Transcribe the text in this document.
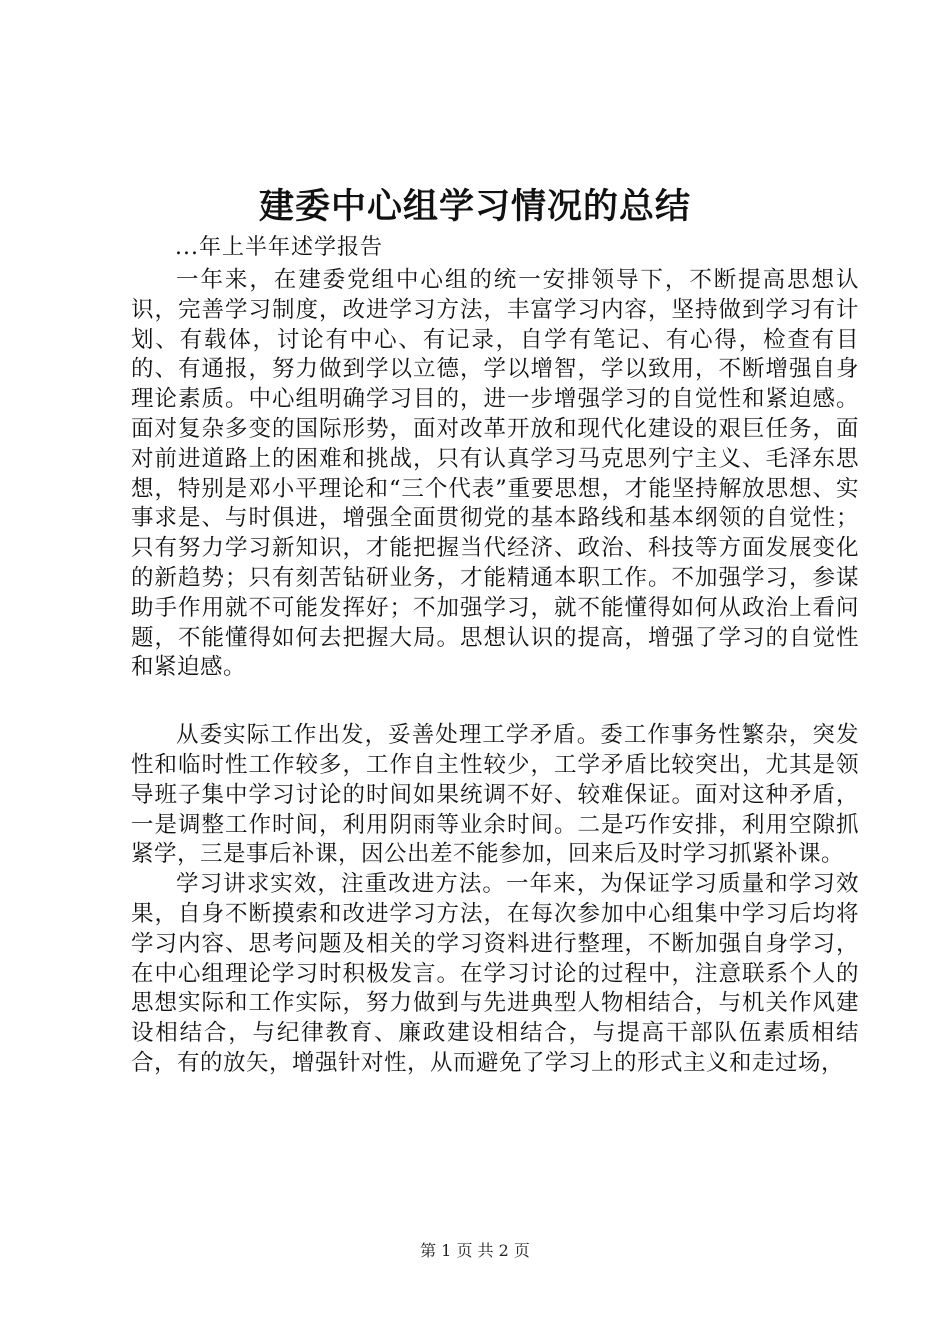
建委中心组学习情况的总结

...年上半年述学报告

一年来，在建委党组中心组的统一安排领导下，不断提高思想认识，完善学习制度，改进学习方法，丰富学习内容，坚持做到学习有计划、有载体，讨论有中心、有记录，自学有笔记、有心得，检查有目的、有通报，努力做到学以立德，学以增智，学以致用，不断增强自身理论素质。中心组明确学习目的，进一步增强学习的自觉性和紧迫感。面对复杂多变的国际形势，面对改革开放和现代化建设的艰巨任务，面对前进道路上的困难和挑战，只有认真学习马克思列宁主义、毛泽东思想，特别是邓小平理论和“三个代表”重要思想，才能坚持解放思想、实事求是、与时俱进，增强全面贯彻党的基本路线和基本纲领的自觉性；只有努力学习新知识，才能把握当代经济、政治、科技等方面发展变化的新趋势；只有刻苦钻研业务，才能精通本职工作。不加强学习，参谋助手作用就不可能发挥好；不加强学习，就不能懂得如何从政治上看问题，不能懂得如何去把握大局。思想认识的提高，增强了学习的自觉性和紧迫感。

从委实际工作出发，妥善处理工学矛盾。委工作事务性繁杂，突发性和临时性工作较多，工作自主性较少，工学矛盾比较突出，尤其是领导班子集中学习讨论的时间如果统调不好、较难保证。面对这种矛盾，一是调整工作时间，利用阴雨等业余时间。二是巧作安排，利用空隙抓紧学，三是事后补课，因公出差不能参加，回来后及时学习抓紧补课。

学习讲求实效，注重改进方法。一年来，为保证学习质量和学习效果，自身不断摸索和改进学习方法，在每次参加中心组集中学习后均将学习内容、思考问题及相关的学习资料进行整理，不断加强自身学习，在中心组理论学习时积极发言。在学习讨论的过程中，注意联系个人的思想实际和工作实际，努力做到与先进典型人物相结合，与机关作风建设相结合，与纪律教育、廉政建设相结合，与提高干部队伍素质相结合，有的放矢，增强针对性，从而避免了学习上的形式主义和走过场，

第 1 页 共 2 页
